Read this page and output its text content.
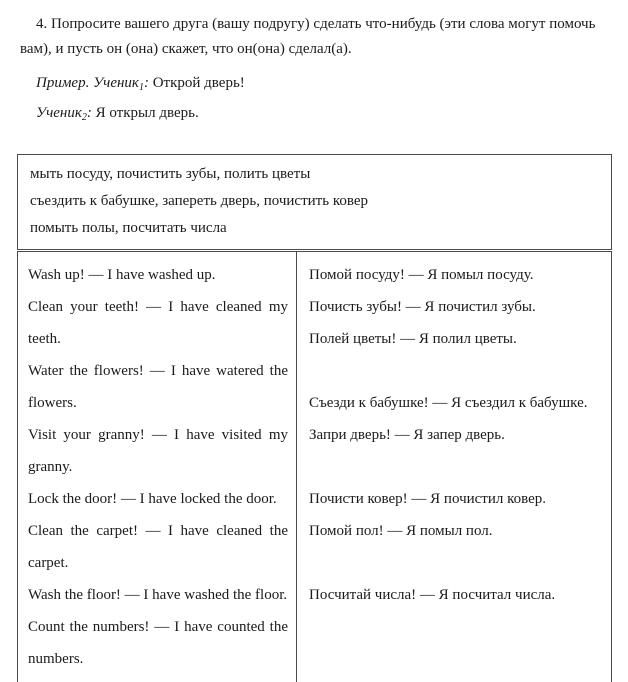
4. Попросите вашего друга (вашу подругу) сделать что-нибудь (эти слова могут помочь
вам), и пусть он (она) скажет, что он(она) сделал(а).
Пример. Ученик$_1$: Открой дверь!
Ученик$_2$: Я открыл дверь.
мыть посуду, почистить зубы, полить цветы
съездить к бабушке, запереть дверь, почистить ковер
помыть полы, посчитать числа
Wash up! — I have washed up.
Clean your teeth! — I have cleaned my
teeth.
Water the flowers! — I have watered the
flowers.
Visit your granny! — I have visited my
granny.
Lock the door! — I have locked the door.
Clean the carpet! — I have cleaned the
carpet.
Wash the floor! — I have washed the floor.
Count the numbers! — I have counted the
numbers.
Помой посуду! — Я помыл посуду.
Почисть зубы! — Я почистил зубы.
Полей цветы! — Я полил цветы.
Съезди к бабушке! — Я съездил к бабушке.
Запри дверь! — Я запер дверь.
Почисти ковер! — Я почистил ковер.
Помой пол! — Я помыл пол.
Посчитай числа! — Я посчитал числа.
